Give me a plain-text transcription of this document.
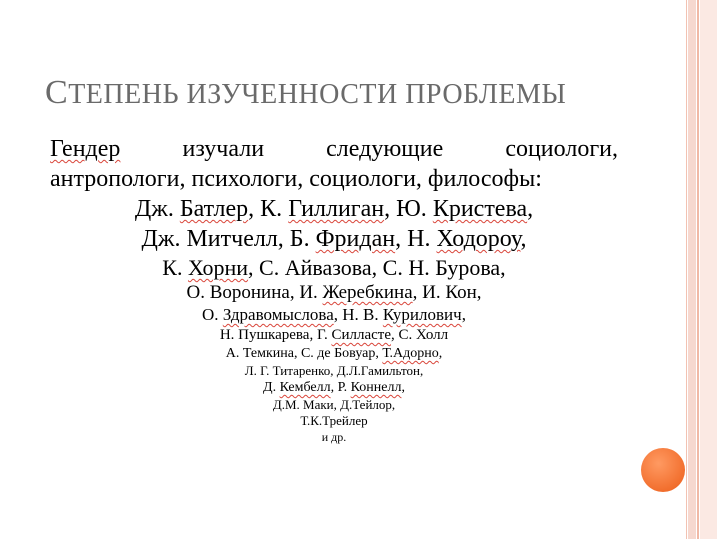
СТЕПЕНЬ ИЗУЧЕННОСТИ ПРОБЛЕМЫ
Гендер	изучали	следующие	социологи,
антропологи, психологи, социологи, философы:
Дж. Батлер, К. Гиллиган, Ю. Кристева,
Дж. Митчелл, Б. Фридан, Н. Ходороу,
К. Хорни, С. Айвазова, С. Н. Бурова,
О. Воронина, И. Жеребкина, И. Кон,
О. Здравомыслова, Н. В. Курилович,
Н. Пушкарева, Г. Силласте, С. Холл
А. Темкина, С. де Бовуар, Т.Адорно,
Л. Г. Титаренко, Д.Л.Гамильтон,
Д. Кембелл, Р. Коннелл,
Д.М. Маки, Д.Тейлор,
Т.К.Трейлер
и др.
